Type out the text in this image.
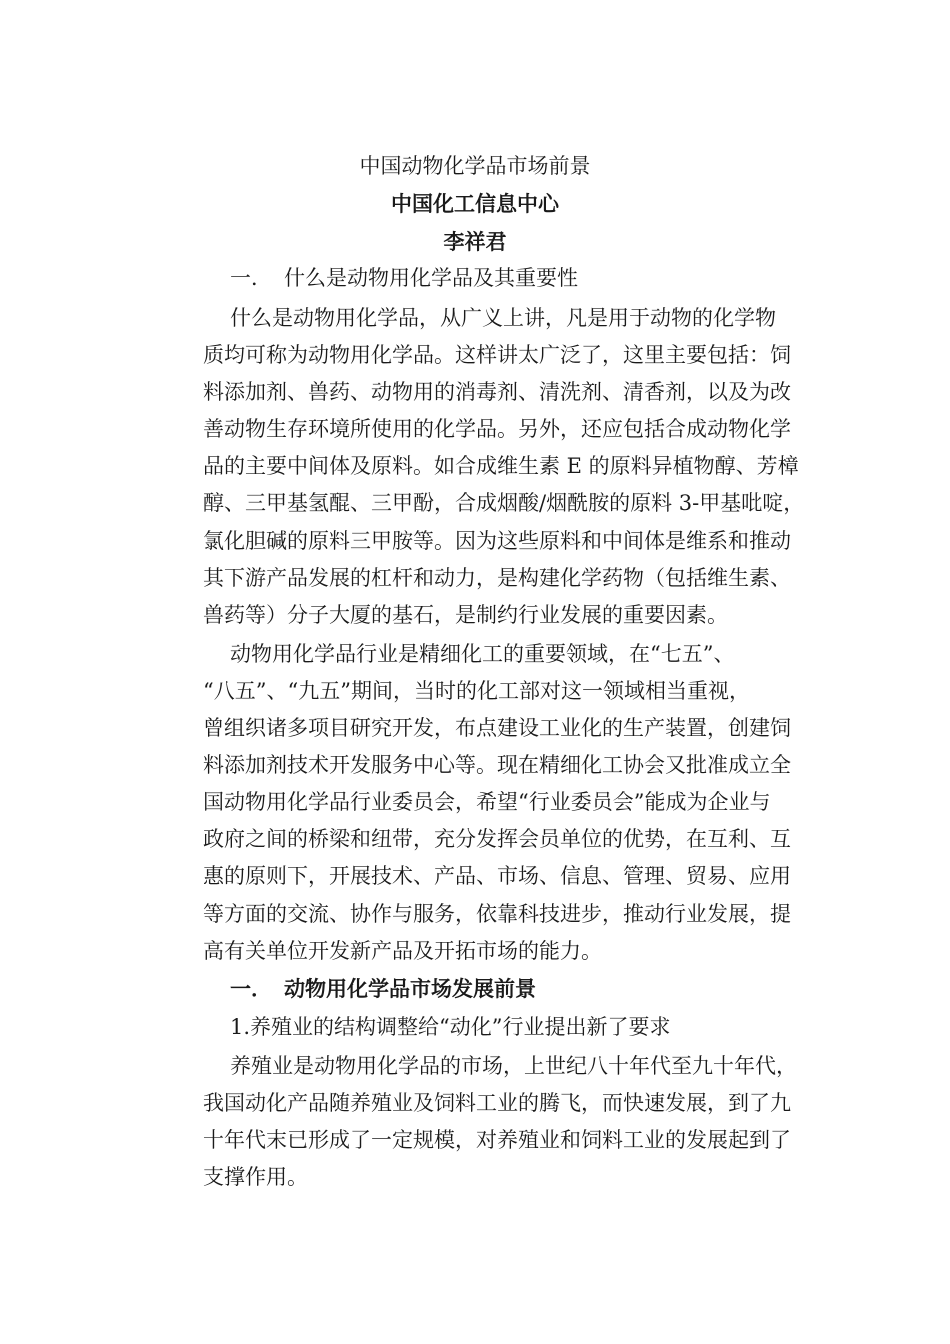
中国动物化学品市场前景
中国化工信息中心
李祥君
一． 什么是动物用化学品及其重要性
什么是动物用化学品，从广义上讲，凡是用于动物的化学物
质均可称为动物用化学品。这样讲太广泛了，这里主要包括：饲
料添加剂、兽药、动物用的消毒剂、清洗剂、清香剂，以及为改
善动物生存环境所使用的化学品。另外，还应包括合成动物化学
品的主要中间体及原料。如合成维生素 E 的原料异植物醇、芳樟
醇、三甲基氢醌、三甲酚，合成烟酸/烟酰胺的原料 3-甲基吡啶，
氯化胆碱的原料三甲胺等。因为这些原料和中间体是维系和推动
其下游产品发展的杠杆和动力，是构建化学药物（包括维生素、
兽药等）分子大厦的基石，是制约行业发展的重要因素。
动物用化学品行业是精细化工的重要领域，在“七五”、
“八五”、“九五”期间，当时的化工部对这一领域相当重视，
曾组织诸多项目研究开发，布点建设工业化的生产装置，创建饲
料添加剂技术开发服务中心等。现在精细化工协会又批准成立全
国动物用化学品行业委员会，希望“行业委员会”能成为企业与
政府之间的桥梁和纽带，充分发挥会员单位的优势，在互利、互
惠的原则下，开展技术、产品、市场、信息、管理、贸易、应用
等方面的交流、协作与服务，依靠科技进步，推动行业发展，提
高有关单位开发新产品及开拓市场的能力。
一． 动物用化学品市场发展前景
1.养殖业的结构调整给“动化”行业提出新了要求
养殖业是动物用化学品的市场，上世纪八十年代至九十年代，
我国动化产品随养殖业及饲料工业的腾飞，而快速发展，到了九
十年代末已形成了一定规模，对养殖业和饲料工业的发展起到了
支撑作用。
